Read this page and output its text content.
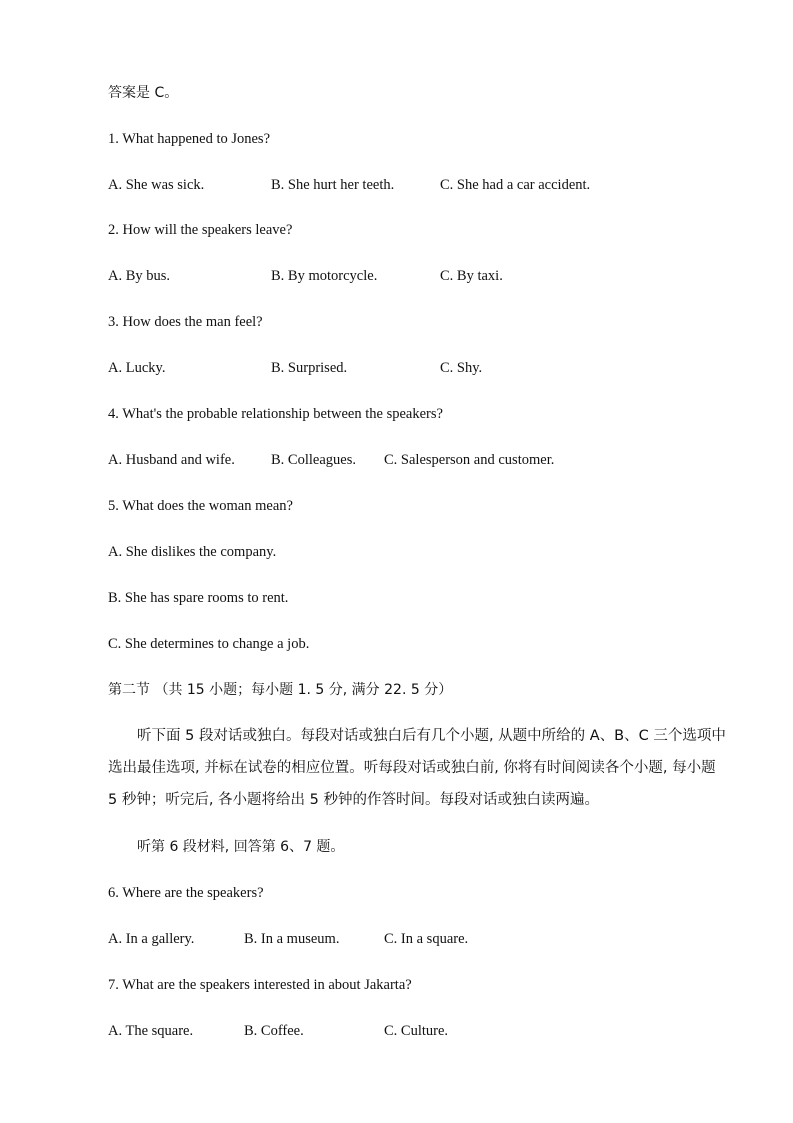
答案是 C。
1. What happened to Jones?
A. She was sick.	B. She hurt her teeth.	C. She had a car accident.
2. How will the speakers leave?
A. By bus.	B. By motorcycle.	C. By taxi.
3. How does the man feel?
A. Lucky.	B. Surprised.	C. Shy.
4. What's the probable relationship between the speakers?
A. Husband and wife. B. Colleagues. C. Salesperson and customer.
5. What does the woman mean?
A. She dislikes the company.
B. She has spare rooms to rent.
C. She determines to change a job.
第二节 （共 15 小题；每小题 1. 5 分, 满分 22. 5 分）
听下面 5 段对话或独白。每段对话或独白后有几个小题, 从题中所给的 A、B、C 三个选项中选出最佳选项, 并标在试卷的相应位置。听每段对话或独白前, 你将有时间阅读各个小题, 每小题 5 秒钟；听完后, 各小题将给出 5 秒钟的作答时间。每段对话或独白读两遍。
听第 6 段材料, 回答第 6、7 题。
6. Where are the speakers?
A. In a gallery.	B. In a museum.	C. In a square.
7. What are the speakers interested in about Jakarta?
A. The square.	B. Coffee.	C. Culture.
